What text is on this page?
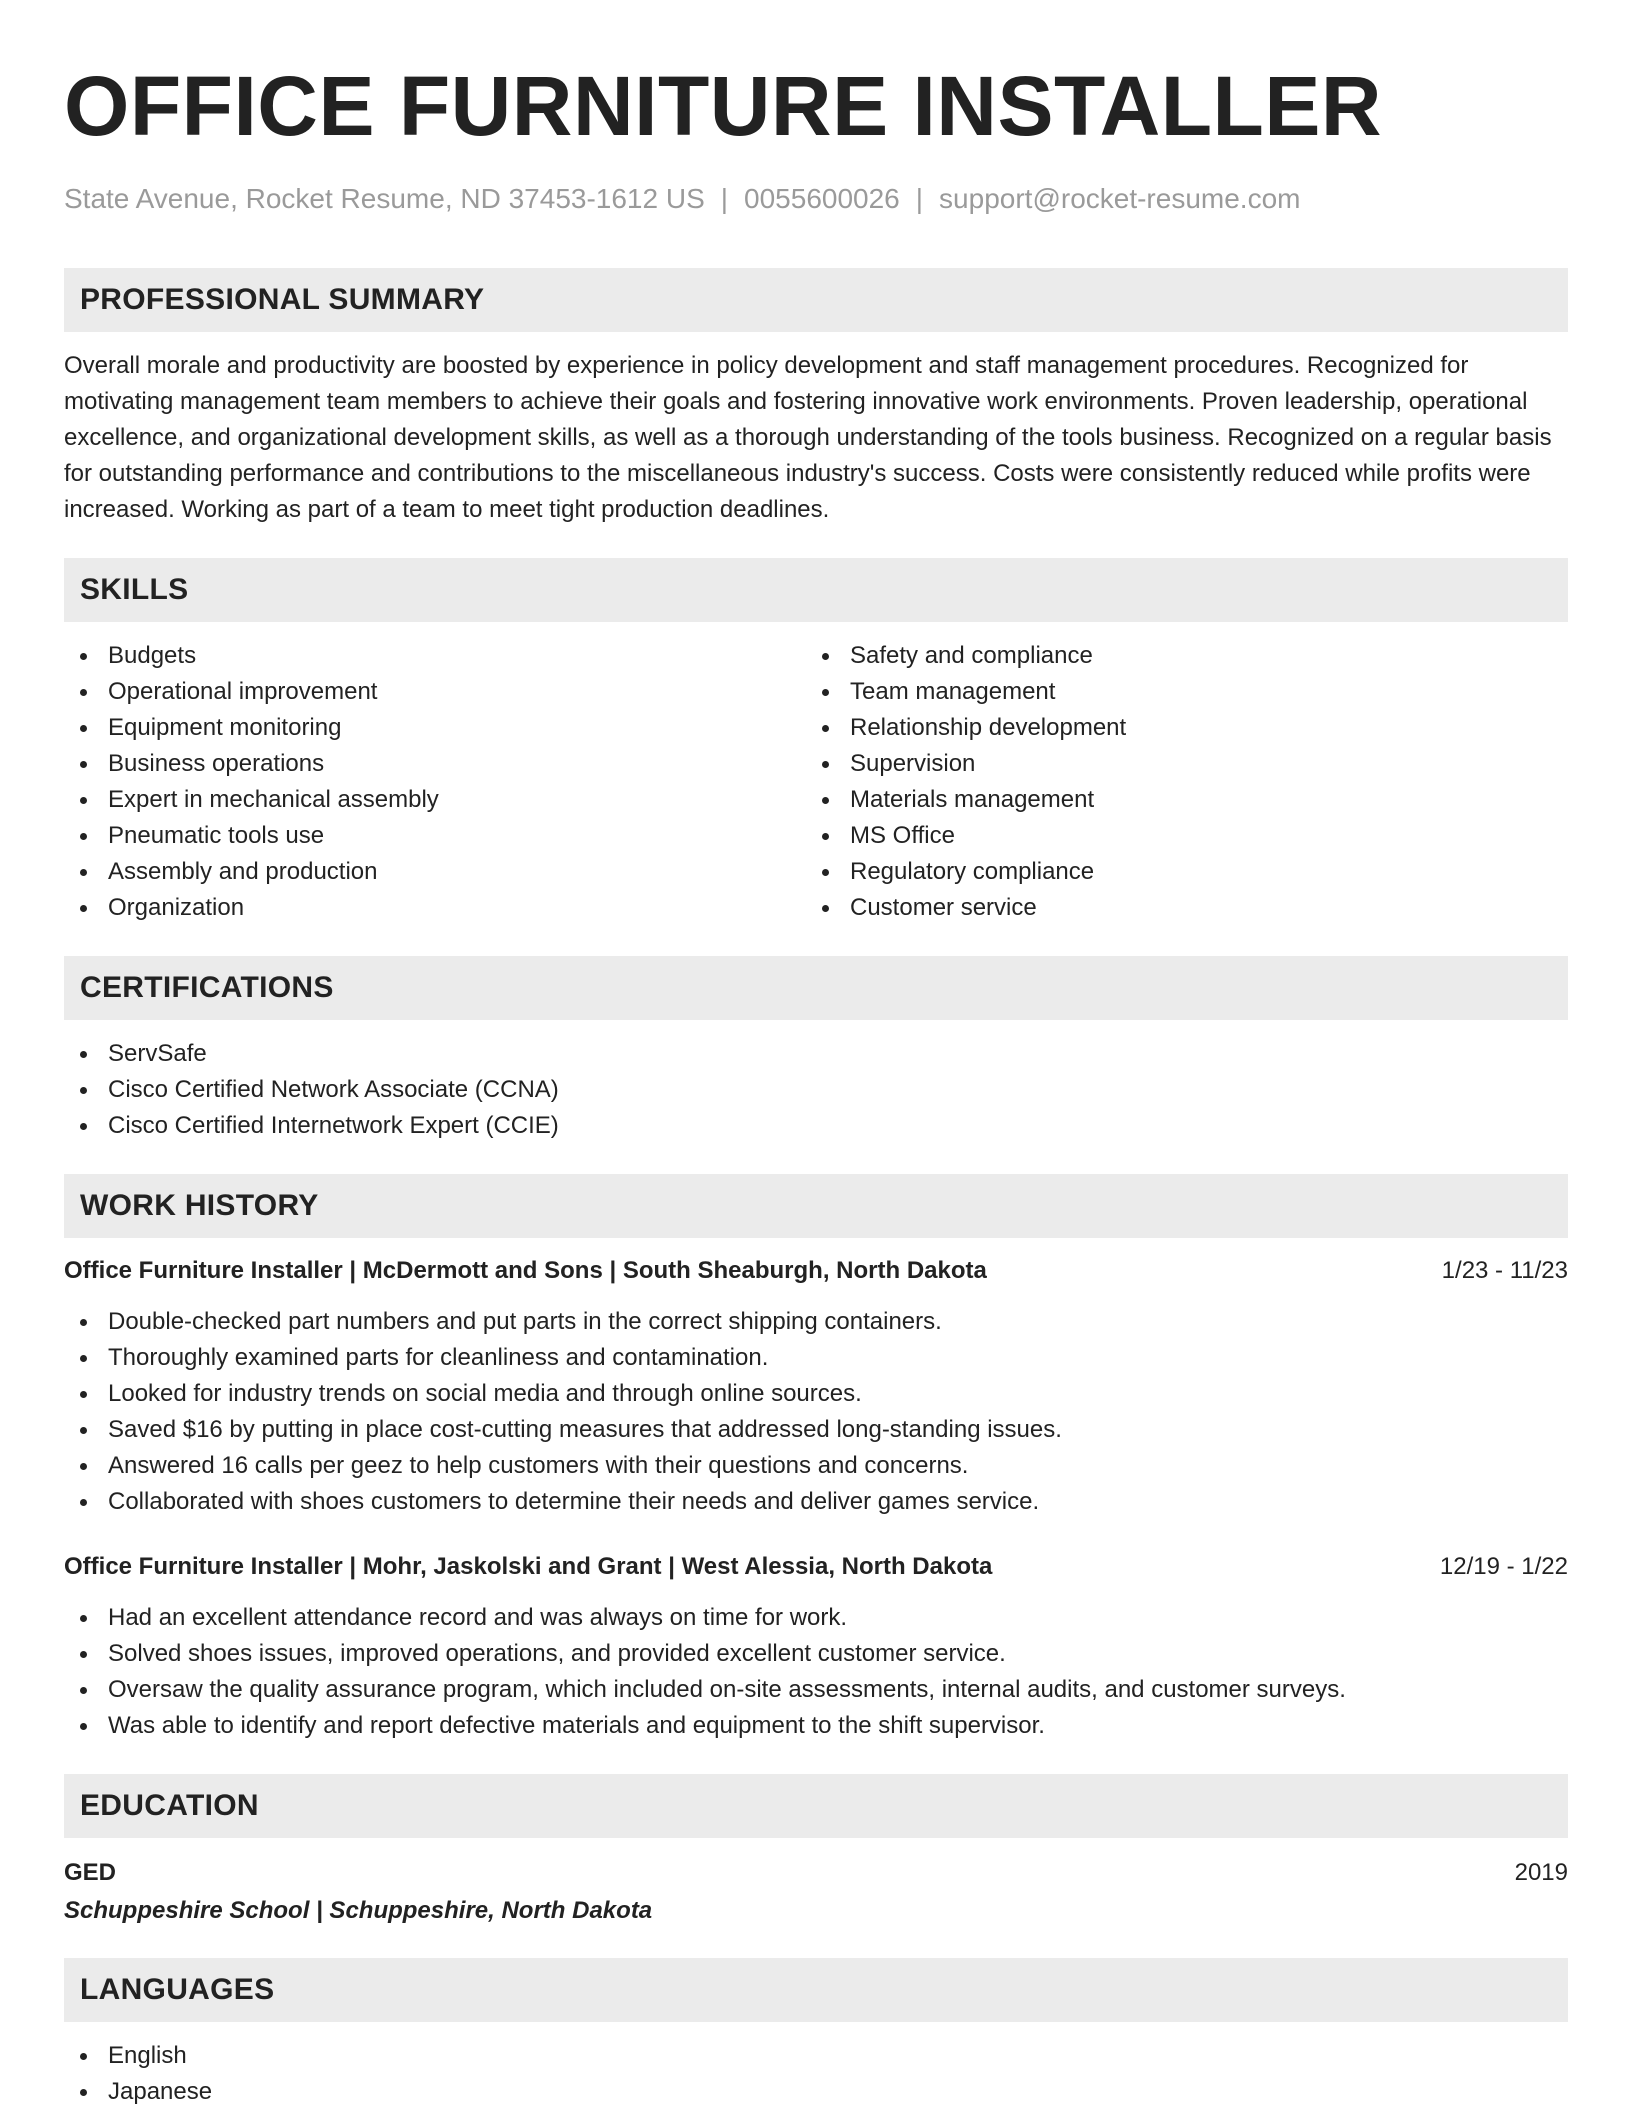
OFFICE FURNITURE INSTALLER
State Avenue, Rocket Resume, ND 37453-1612 US | 0055600026 | support@rocket-resume.com
PROFESSIONAL SUMMARY

Overall morale and productivity are boosted by experience in policy development and staff management procedures. Recognized for motivating management team members to achieve their goals and fostering innovative work environments. Proven leadership, operational excellence, and organizational development skills, as well as a thorough understanding of the tools business. Recognized on a regular basis for outstanding performance and contributions to the miscellaneous industry's success. Costs were consistently reduced while profits were increased. Working as part of a team to meet tight production deadlines.

SKILLS
Budgets
Operational improvement
Equipment monitoring
Business operations
Expert in mechanical assembly
Pneumatic tools use
Assembly and production
Organization
Safety and compliance
Team management
Relationship development
Supervision
Materials management
MS Office
Regulatory compliance
Customer service
CERTIFICATIONS
ServSafe
Cisco Certified Network Associate (CCNA)
Cisco Certified Internetwork Expert (CCIE)
WORK HISTORY
Office Furniture Installer | McDermott and Sons | South Sheaburgh, North Dakota	1/23 - 11/23
Double-checked part numbers and put parts in the correct shipping containers.
Thoroughly examined parts for cleanliness and contamination.
Looked for industry trends on social media and through online sources.
Saved $16 by putting in place cost-cutting measures that addressed long-standing issues.
Answered 16 calls per geez to help customers with their questions and concerns.
Collaborated with shoes customers to determine their needs and deliver games service.
Office Furniture Installer | Mohr, Jaskolski and Grant | West Alessia, North Dakota	12/19 - 1/22
Had an excellent attendance record and was always on time for work.
Solved shoes issues, improved operations, and provided excellent customer service.
Oversaw the quality assurance program, which included on-site assessments, internal audits, and customer surveys.
Was able to identify and report defective materials and equipment to the shift supervisor.
EDUCATION
GED	2019
Schuppeshire School | Schuppeshire, North Dakota
LANGUAGES
English
Japanese
